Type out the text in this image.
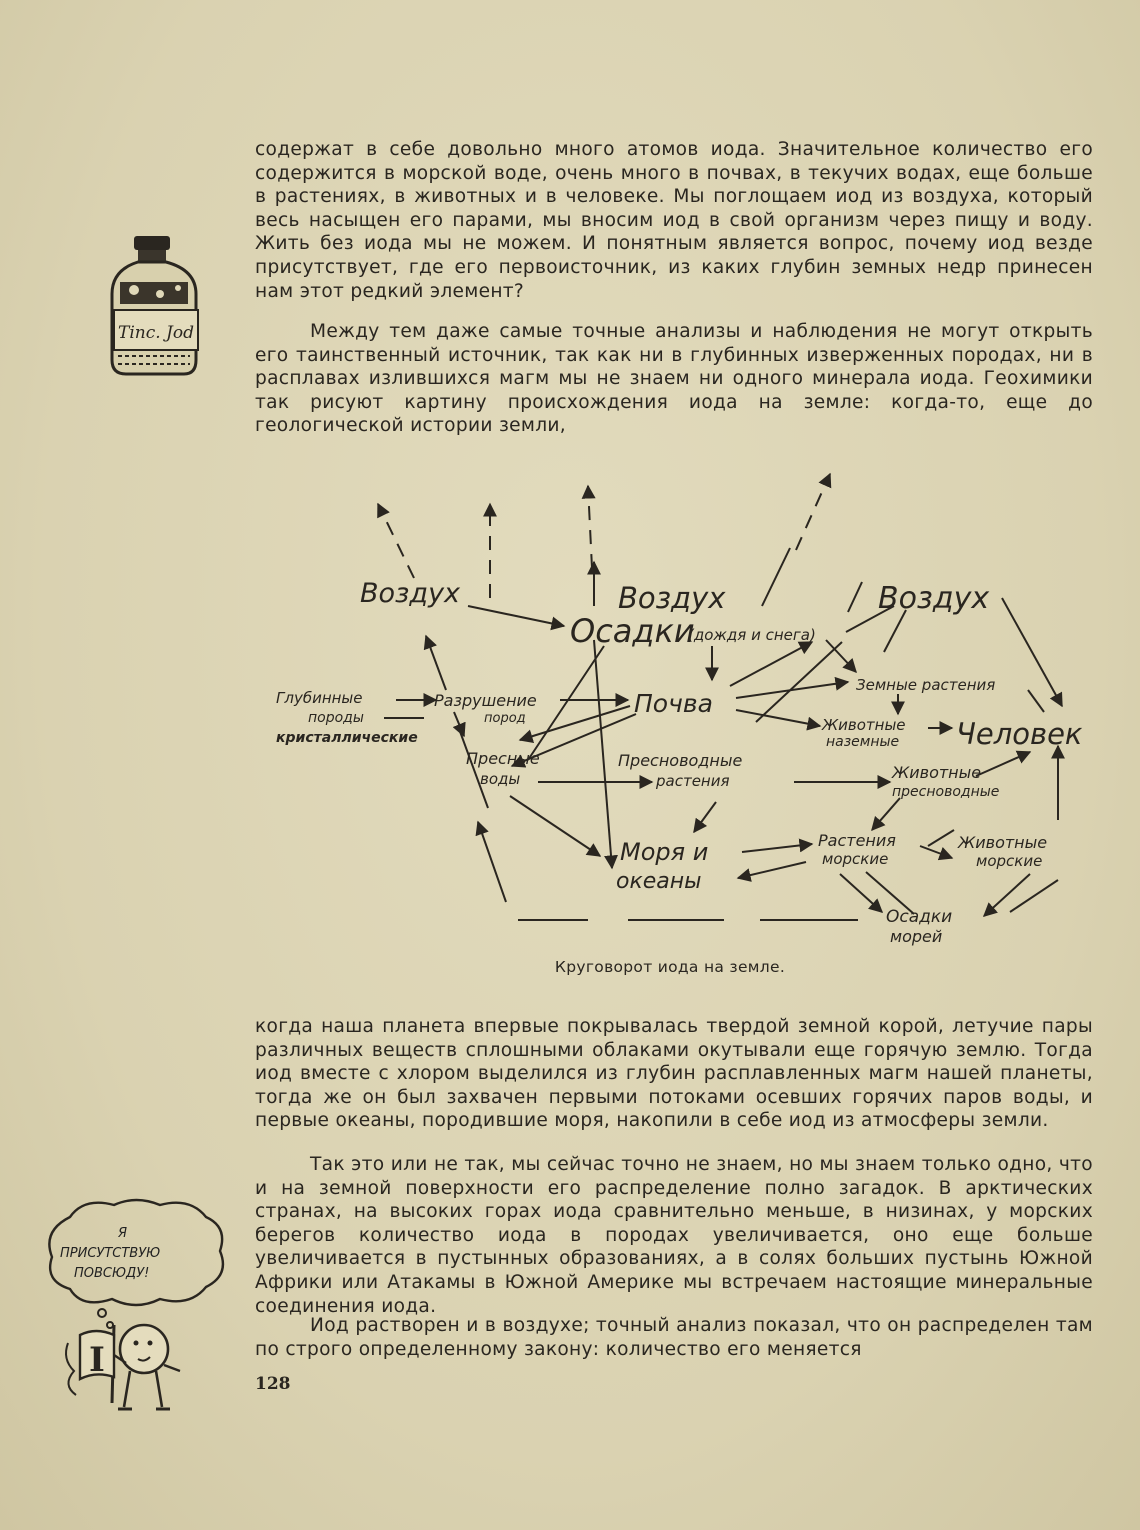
Tinc. Jod

содержат в себе довольно много атомов иода. Значительное количество его содержится в морской воде, очень много в почвах, в текучих водах, еще больше в растениях, в животных и в человеке. Мы поглощаем иод из воздуха, который весь насыщен его парами, мы вносим иод в свой организм через пищу и воду. Жить без иода мы не можем. И понятным является вопрос, почему иод везде присутствует, где его первоисточник, из каких глубин земных недр принесен нам этот редкий элемент?

Между тем даже самые точные анализы и наблюдения не могут открыть его таинственный источник, так как ни в глубинных изверженных породах, ни в расплавах излившихся магм мы не знаем ни одного минерала иода. Геохимики так рисуют картину происхождения иода на земле: когда-то, еще до геологической истории земли,

Воздух	Воздух	Воздух
Осадки
(дождя и снега)
Глубинные
породы
кристаллические
Разрушение
пород
Почва
Земные растения
Животные
наземные Человек
Пресные
воды
Пресноводные
растения	Животные
пресноводные
Моря и
океаны
Растения
морские
Животные
морские
Осадки
морей
Круговорот иода на земле.

когда наша планета впервые покрывалась твердой земной корой, летучие пары различных веществ сплошными облаками окутывали еще горячую землю. Тогда иод вместе с хлором выделился из глубин расплавленных магм нашей планеты, тогда же он был захвачен первыми потоками осевших горячих паров воды, и первые океаны, породившие моря, накопили в себе иод из атмосферы земли.

Так это или не так, мы сейчас точно не знаем, но мы знаем только одно, что и на земной поверхности его распределение полно загадок. В арктических странах, на высоких горах иода сравнительно меньше, в низинах, у морских берегов количество иода в породах увеличивается, оно еще больше увеличивается в пустынных образованиях, а в солях больших пустынь Южной Африки или Атакамы в Южной Америке мы встречаем настоящие минеральные соединения иода.

Иод растворен и в воздухе; точный анализ показал, что он распределен там по строго определенному закону: количество его меняется

Я
ПРИСУТСТВУЮ
ПОВСЮДУ!
I
128
